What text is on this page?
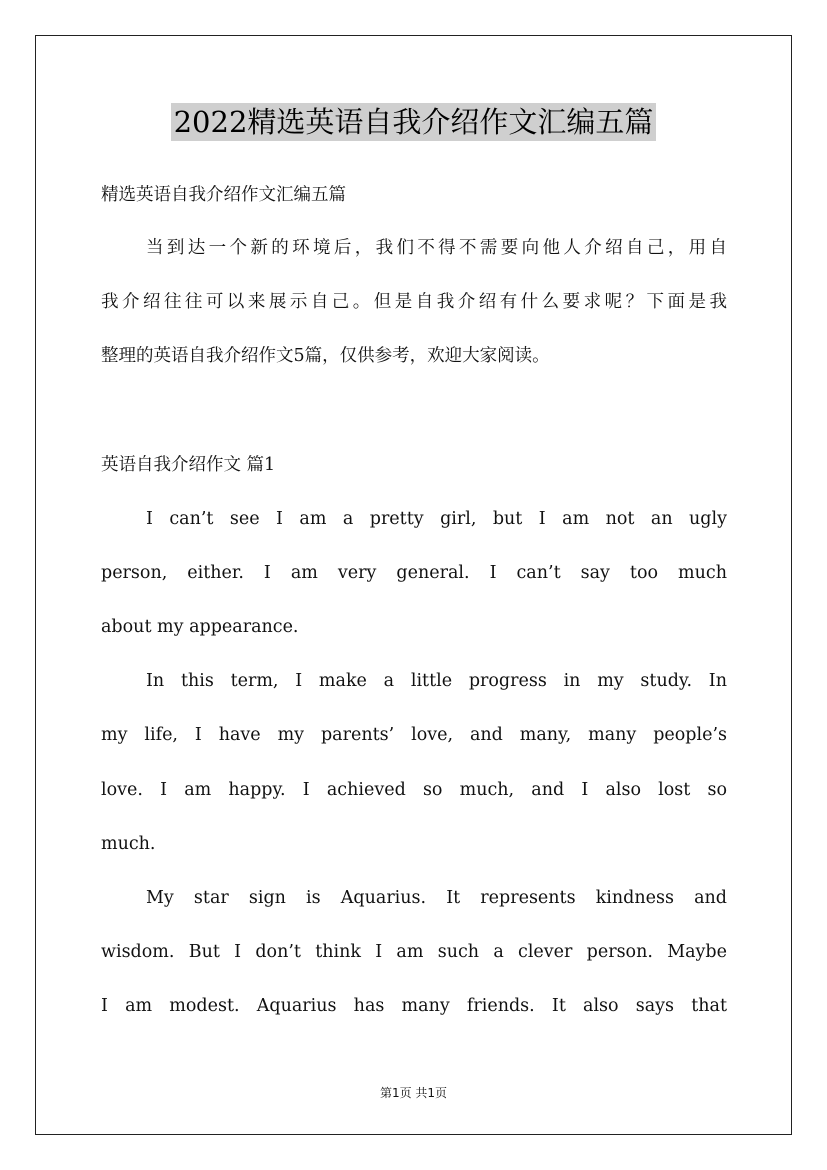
2022精选英语自我介绍作文汇编五篇
精选英语自我介绍作文汇编五篇
当到达一个新的环境后，我们不得不需要向他人介绍自己，用自
我介绍往往可以来展示自己。但是自我介绍有什么要求呢？下面是我
整理的英语自我介绍作文5篇，仅供参考，欢迎大家阅读。
英语自我介绍作文 篇1
I can’t see I am a pretty girl, but I am not an ugly
person, either. I am very general. I can’t say too much
about my appearance.
In this term, I make a little progress in my study. In
my life, I have my parents’ love, and many, many people’s
love. I am happy. I achieved so much, and I also lost so
much.
My star sign is Aquarius. It represents kindness and
wisdom. But I don’t think I am such a clever person. Maybe
I am modest. Aquarius has many friends. It also says that
第1页 共1页
